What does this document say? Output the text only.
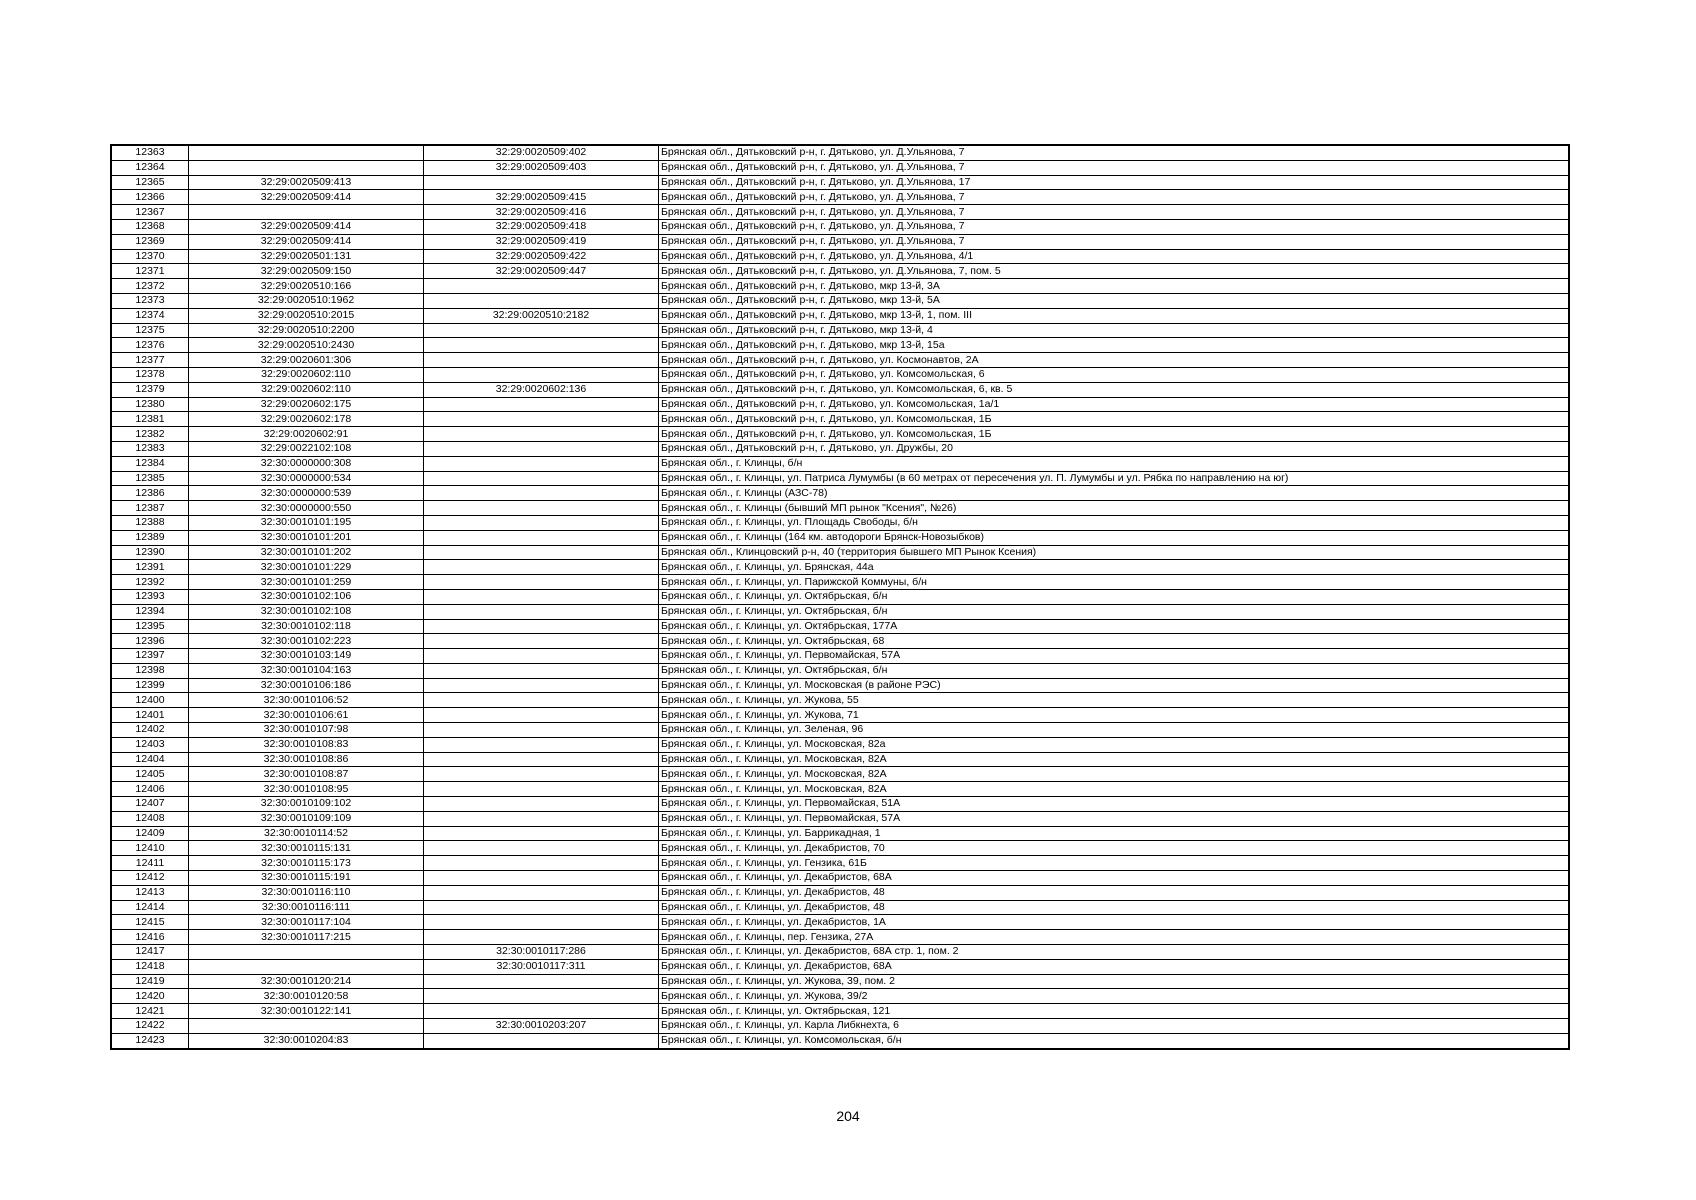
12363		32:29:0020509:402	Брянская обл., Дятьковский р-н, г. Дятьково, ул. Д.Ульянова, 7
12364		32:29:0020509:403	Брянская обл., Дятьковский р-н, г. Дятьково, ул. Д.Ульянова, 7
12365	32:29:0020509:413		Брянская обл., Дятьковский р-н, г. Дятьково, ул. Д.Ульянова, 17
12366	32:29:0020509:414	32:29:0020509:415	Брянская обл., Дятьковский р-н, г. Дятьково, ул. Д.Ульянова, 7
12367		32:29:0020509:416	Брянская обл., Дятьковский р-н, г. Дятьково, ул. Д.Ульянова, 7
12368	32:29:0020509:414	32:29:0020509:418	Брянская обл., Дятьковский р-н, г. Дятьково, ул. Д.Ульянова, 7
12369	32:29:0020509:414	32:29:0020509:419	Брянская обл., Дятьковский р-н, г. Дятьково, ул. Д.Ульянова, 7
12370	32:29:0020501:131	32:29:0020509:422	Брянская обл., Дятьковский р-н, г. Дятьково, ул. Д.Ульянова, 4/1
12371	32:29:0020509:150	32:29:0020509:447	Брянская обл., Дятьковский р-н, г. Дятьково, ул. Д.Ульянова, 7, пом. 5
12372	32:29:0020510:166		Брянская обл., Дятьковский р-н, г. Дятьково, мкр 13-й, 3А
12373	32:29:0020510:1962		Брянская обл., Дятьковский р-н, г. Дятьково, мкр 13-й, 5А
12374	32:29:0020510:2015	32:29:0020510:2182	Брянская обл., Дятьковский р-н, г. Дятьково, мкр 13-й, 1, пом. III
12375	32:29:0020510:2200		Брянская обл., Дятьковский р-н, г. Дятьково, мкр 13-й, 4
12376	32:29:0020510:2430		Брянская обл., Дятьковский р-н, г. Дятьково, мкр 13-й, 15а
12377	32:29:0020601:306		Брянская обл., Дятьковский р-н, г. Дятьково, ул. Космонавтов, 2А
12378	32:29:0020602:110		Брянская обл., Дятьковский р-н, г. Дятьково, ул. Комсомольская, 6
12379	32:29:0020602:110	32:29:0020602:136	Брянская обл., Дятьковский р-н, г. Дятьково, ул. Комсомольская, 6, кв. 5
12380	32:29:0020602:175		Брянская обл., Дятьковский р-н, г. Дятьково, ул. Комсомольская, 1а/1
12381	32:29:0020602:178		Брянская обл., Дятьковский р-н, г. Дятьково, ул. Комсомольская, 1Б
12382	32:29:0020602:91		Брянская обл., Дятьковский р-н, г. Дятьково, ул. Комсомольская, 1Б
12383	32:29:0022102:108		Брянская обл., Дятьковский р-н, г. Дятьково, ул. Дружбы, 20
12384	32:30:0000000:308		Брянская обл., г. Клинцы, б/н
12385	32:30:0000000:534		Брянская обл., г. Клинцы, ул. Патриса Лумумбы (в 60 метрах от пересечения ул. П. Лумумбы и ул. Рябка по направлению на юг)
12386	32:30:0000000:539		Брянская обл., г. Клинцы (АЗС-78)
12387	32:30:0000000:550		Брянская обл., г. Клинцы (бывший МП рынок "Ксения", №26)
12388	32:30:0010101:195		Брянская обл., г. Клинцы, ул. Площадь Свободы, б/н
12389	32:30:0010101:201		Брянская обл., г. Клинцы (164 км. автодороги Брянск-Новозыбков)
12390	32:30:0010101:202		Брянская обл., Клинцовский р-н, 40 (территория бывшего МП Рынок Ксения)
12391	32:30:0010101:229		Брянская обл., г. Клинцы, ул. Брянская, 44а
12392	32:30:0010101:259		Брянская обл., г. Клинцы, ул. Парижской Коммуны, б/н
12393	32:30:0010102:106		Брянская обл., г. Клинцы, ул. Октябрьская, б/н
12394	32:30:0010102:108		Брянская обл., г. Клинцы, ул. Октябрьская, б/н
12395	32:30:0010102:118		Брянская обл., г. Клинцы, ул. Октябрьская, 177А
12396	32:30:0010102:223		Брянская обл., г. Клинцы, ул. Октябрьская, 68
12397	32:30:0010103:149		Брянская обл., г. Клинцы, ул. Первомайская, 57А
12398	32:30:0010104:163		Брянская обл., г. Клинцы, ул. Октябрьская, б/н
12399	32:30:0010106:186		Брянская обл., г. Клинцы, ул. Московская (в районе РЭС)
12400	32:30:0010106:52		Брянская обл., г. Клинцы, ул. Жукова, 55
12401	32:30:0010106:61		Брянская обл., г. Клинцы, ул. Жукова, 71
12402	32:30:0010107:98		Брянская обл., г. Клинцы, ул. Зеленая, 96
12403	32:30:0010108:83		Брянская обл., г. Клинцы, ул. Московская, 82а
12404	32:30:0010108:86		Брянская обл., г. Клинцы, ул. Московская, 82А
12405	32:30:0010108:87		Брянская обл., г. Клинцы, ул. Московская, 82А
12406	32:30:0010108:95		Брянская обл., г. Клинцы, ул. Московская, 82А
12407	32:30:0010109:102		Брянская обл., г. Клинцы, ул. Первомайская, 51А
12408	32:30:0010109:109		Брянская обл., г. Клинцы, ул. Первомайская, 57А
12409	32:30:0010114:52		Брянская обл., г. Клинцы, ул. Баррикадная, 1
12410	32:30:0010115:131		Брянская обл., г. Клинцы, ул. Декабристов, 70
12411	32:30:0010115:173		Брянская обл., г. Клинцы, ул. Гензика, 61Б
12412	32:30:0010115:191		Брянская обл., г. Клинцы, ул. Декабристов, 68А
12413	32:30:0010116:110		Брянская обл., г. Клинцы, ул. Декабристов, 48
12414	32:30:0010116:111		Брянская обл., г. Клинцы, ул. Декабристов, 48
12415	32:30:0010117:104		Брянская обл., г. Клинцы, ул. Декабристов, 1А
12416	32:30:0010117:215		Брянская обл., г. Клинцы, пер. Гензика, 27А
12417		32:30:0010117:286	Брянская обл., г. Клинцы, ул. Декабристов, 68А стр. 1, пом. 2
12418		32:30:0010117:311	Брянская обл., г. Клинцы, ул. Декабристов, 68А
12419	32:30:0010120:214		Брянская обл., г. Клинцы, ул. Жукова, 39, пом. 2
12420	32:30:0010120:58		Брянская обл., г. Клинцы, ул. Жукова, 39/2
12421	32:30:0010122:141		Брянская обл., г. Клинцы, ул. Октябрьская, 121
12422		32:30:0010203:207	Брянская обл., г. Клинцы, ул. Карла Либкнехта, 6
12423	32:30:0010204:83		Брянская обл., г. Клинцы, ул. Комсомольская, б/н
204
